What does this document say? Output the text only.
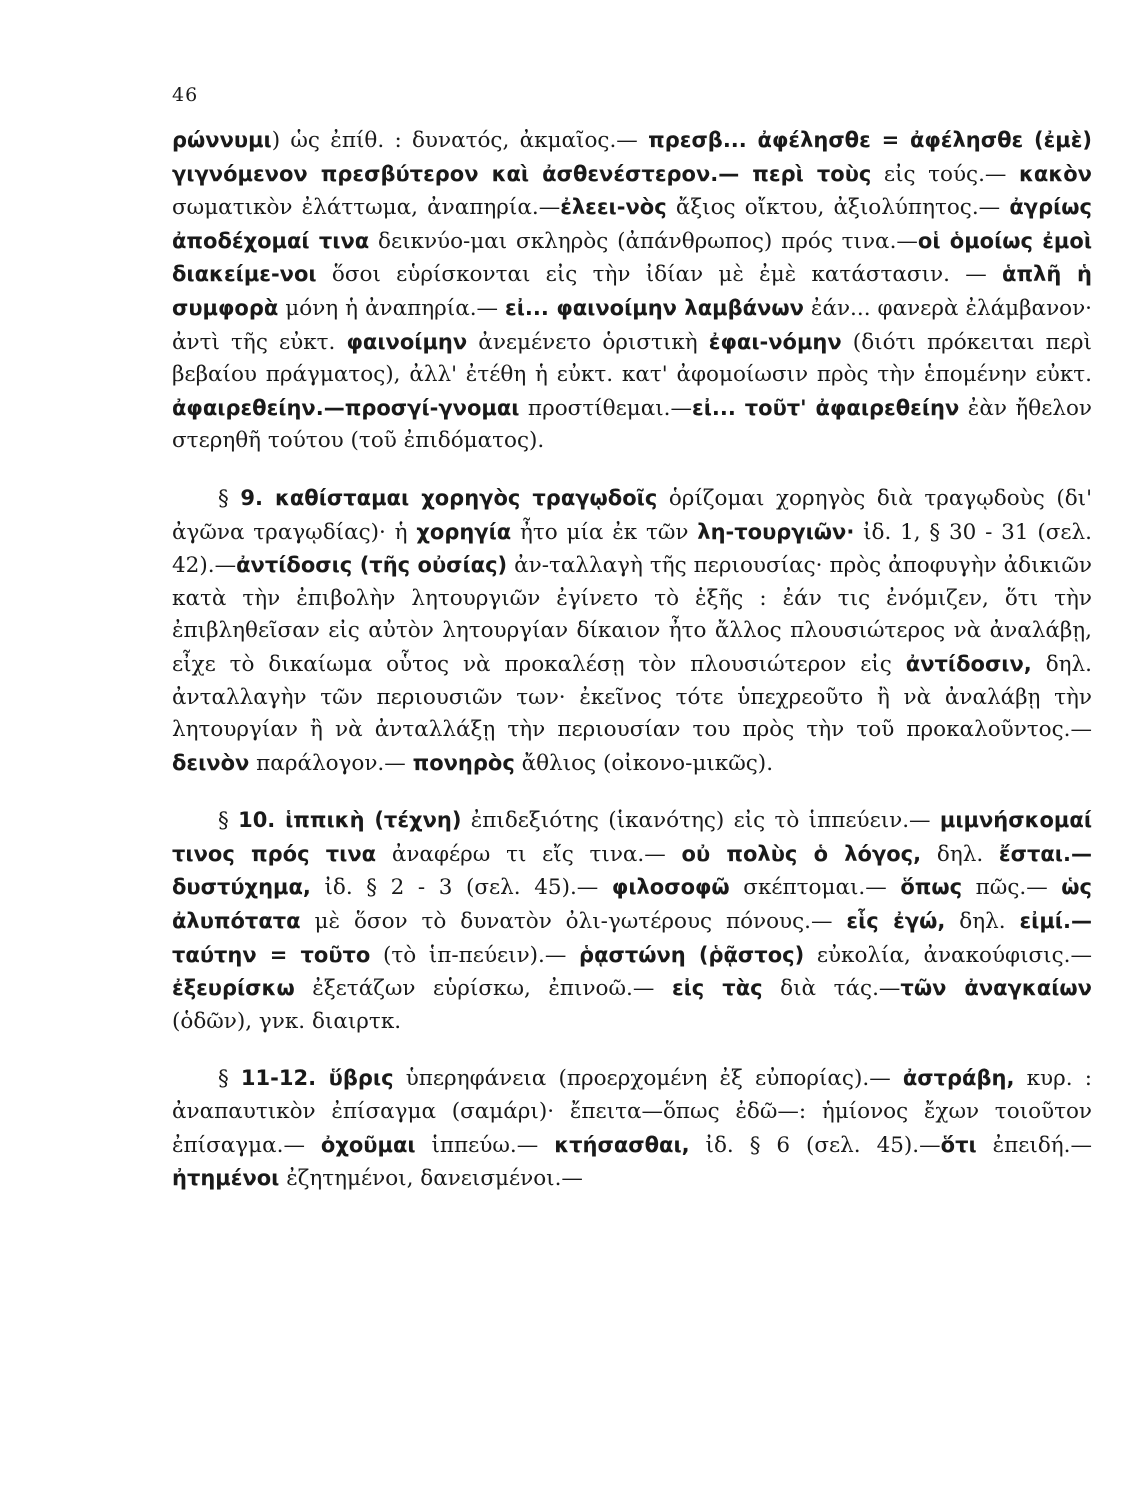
46

ρώννυμι) ὡς ἐπίθ. : δυνατός, ἀκμαῖος.— πρεσβ... ἀφέλησθε = ἀφέλησθε (ἐμὲ) γιγνόμενον πρεσβύτερον καὶ ἀσθενέστερον.— περὶ τοὺς εἰς τούς.— κακὸν σωματικὸν ἐλάττωμα, ἀναπηρία.—ἐλεει-νὸς ἄξιος οἴκτου, ἀξιολύπητος.— ἀγρίως ἀποδέχομαί τινα δεικνύο-μαι σκληρὸς (ἀπάνθρωπος) πρός τινα.—οἱ ὁμοίως ἐμοὶ διακείμε-νοι ὅσοι εὑρίσκονται εἰς τὴν ἰδίαν μὲ ἐμὲ κατάστασιν. — ἁπλῆ ἡ συμφορὰ μόνη ἡ ἀναπηρία.— εἰ... φαινοίμην λαμβάνων ἐάν... φανερὰ ἐλάμβανον· ἀντὶ τῆς εὐκτ. φαινοίμην ἀνεμένετο ὁριστικὴ ἐφαι-νόμην (διότι πρόκειται περὶ βεβαίου πράγματος), ἀλλ' ἐτέθη ἡ εὐκτ. κατ' ἀφομοίωσιν πρὸς τὴν ἑπομένην εὐκτ. ἀφαιρεθείην.—προσγί-γνομαι προστίθεμαι.—εἰ... τοῦτ' ἀφαιρεθείην ἐὰν ἤθελον στερηθῆ τούτου (τοῦ ἐπιδόματος).

§ 9. καθίσταμαι χορηγὸς τραγῳδοῖς ὁρίζομαι χορηγὸς διὰ τραγῳδοὺς (δι' ἀγῶνα τραγῳδίας)· ἡ χορηγία ἦτο μία ἐκ τῶν λη-τουργιῶν· ἰδ. 1, § 30 - 31 (σελ. 42).—ἀντίδοσις (τῆς οὐσίας) ἀν-ταλλαγὴ τῆς περιουσίας· πρὸς ἀποφυγὴν ἀδικιῶν κατὰ τὴν ἐπιβολὴν λητουργιῶν ἐγίνετο τὸ ἑξῆς : ἐάν τις ἐνόμιζεν, ὅτι τὴν ἐπιβληθεῖσαν εἰς αὐτὸν λητουργίαν δίκαιον ἦτο ἄλλος πλουσιώτερος νὰ ἀναλάβῃ, εἶχε τὸ δικαίωμα οὗτος νὰ προκαλέσῃ τὸν πλουσιώτερον εἰς ἀντίδοσιν, δηλ. ἀνταλλαγὴν τῶν περιουσιῶν των· ἐκεῖνος τότε ὑπεχρεοῦτο ἢ νὰ ἀναλάβῃ τὴν λητουργίαν ἢ νὰ ἀνταλλάξῃ τὴν περιουσίαν του πρὸς τὴν τοῦ προκαλοῦντος.—δεινὸν παράλογον.— πονηρὸς ἄθλιος (οἰκονο-μικῶς).

§ 10. ἱππικὴ (τέχνη) ἐπιδεξιότης (ἱκανότης) εἰς τὸ ἱππεύειν.— μιμνήσκομαί τινος πρός τινα ἀναφέρω τι εἴς τινα.— οὐ πολὺς ὁ λόγος, δηλ. ἔσται.—δυστύχημα, ἰδ. § 2 - 3 (σελ. 45).— φιλοσοφῶ σκέπτομαι.— ὅπως πῶς.— ὡς ἀλυπότατα μὲ ὅσον τὸ δυνατὸν ὀλι-γωτέρους πόνους.— εἷς ἐγώ, δηλ. εἰμί.—ταύτην = τοῦτο (τὸ ἱπ-πεύειν).— ῥᾳστώνη (ῥᾷστος) εὐκολία, ἀνακούφισις.—ἐξευρίσκω ἐξετάζων εὑρίσκω, ἐπινοῶ.— εἰς τὰς διὰ τάς.—τῶν ἀναγκαίων (ὁδῶν), γνκ. διαιρτκ.

§ 11-12. ὕβρις ὑπερηφάνεια (προερχομένη ἐξ εὐπορίας).— ἀστράβη, κυρ. : ἀναπαυτικὸν ἐπίσαγμα (σαμάρι)· ἔπειτα—ὅπως ἐδῶ—: ἡμίονος ἔχων τοιοῦτον ἐπίσαγμα.— ὀχοῦμαι ἱππεύω.— κτήσασθαι, ἰδ. § 6 (σελ. 45).—ὅτι ἐπειδή.— ἠτημένοι ἐζητημένοι, δανεισμένοι.—
